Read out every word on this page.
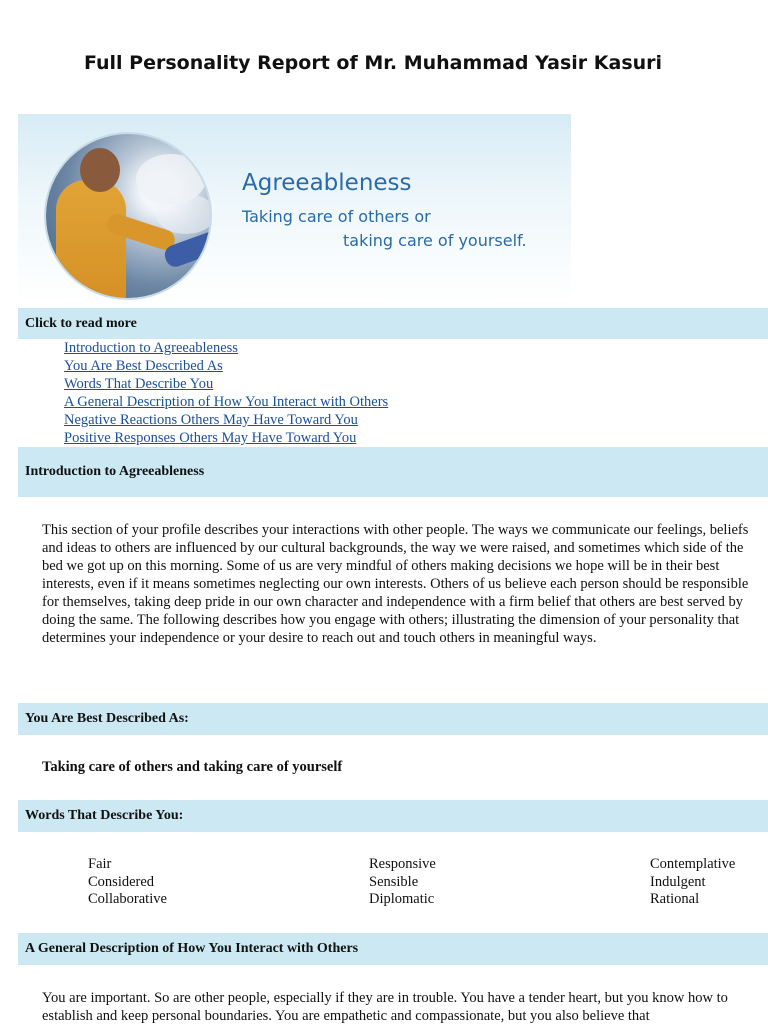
Full Personality Report of Mr. Muhammad Yasir Kasuri
Agreeableness
Taking care of others or
taking care of yourself.
Click to read more
Introduction to Agreeableness
You Are Best Described As
Words That Describe You
A General Description of How You Interact with Others
Negative Reactions Others May Have Toward You
Positive Responses Others May Have Toward You
Introduction to Agreeableness
This section of your profile describes your interactions with other people. The ways we communicate our feelings, beliefs and ideas to others are influenced by our cultural backgrounds, the way we were raised, and sometimes which side of the bed we got up on this morning. Some of us are very mindful of others making decisions we hope will be in their best interests, even if it means sometimes neglecting our own interests. Others of us believe each person should be responsible for themselves, taking deep pride in our own character and independence with a firm belief that others are best served by doing the same. The following describes how you engage with others; illustrating the dimension of your personality that determines your independence or your desire to reach out and touch others in meaningful ways.
You Are Best Described As:
Taking care of others and taking care of yourself
Words That Describe You:
Fair
Considered
Collaborative
Responsive
Sensible
Diplomatic
Contemplative
Indulgent
Rational
A General Description of How You Interact with Others
You are important. So are other people, especially if they are in trouble. You have a tender heart, but you know how to establish and keep personal boundaries. You are empathetic and compassionate, but you also believe that
